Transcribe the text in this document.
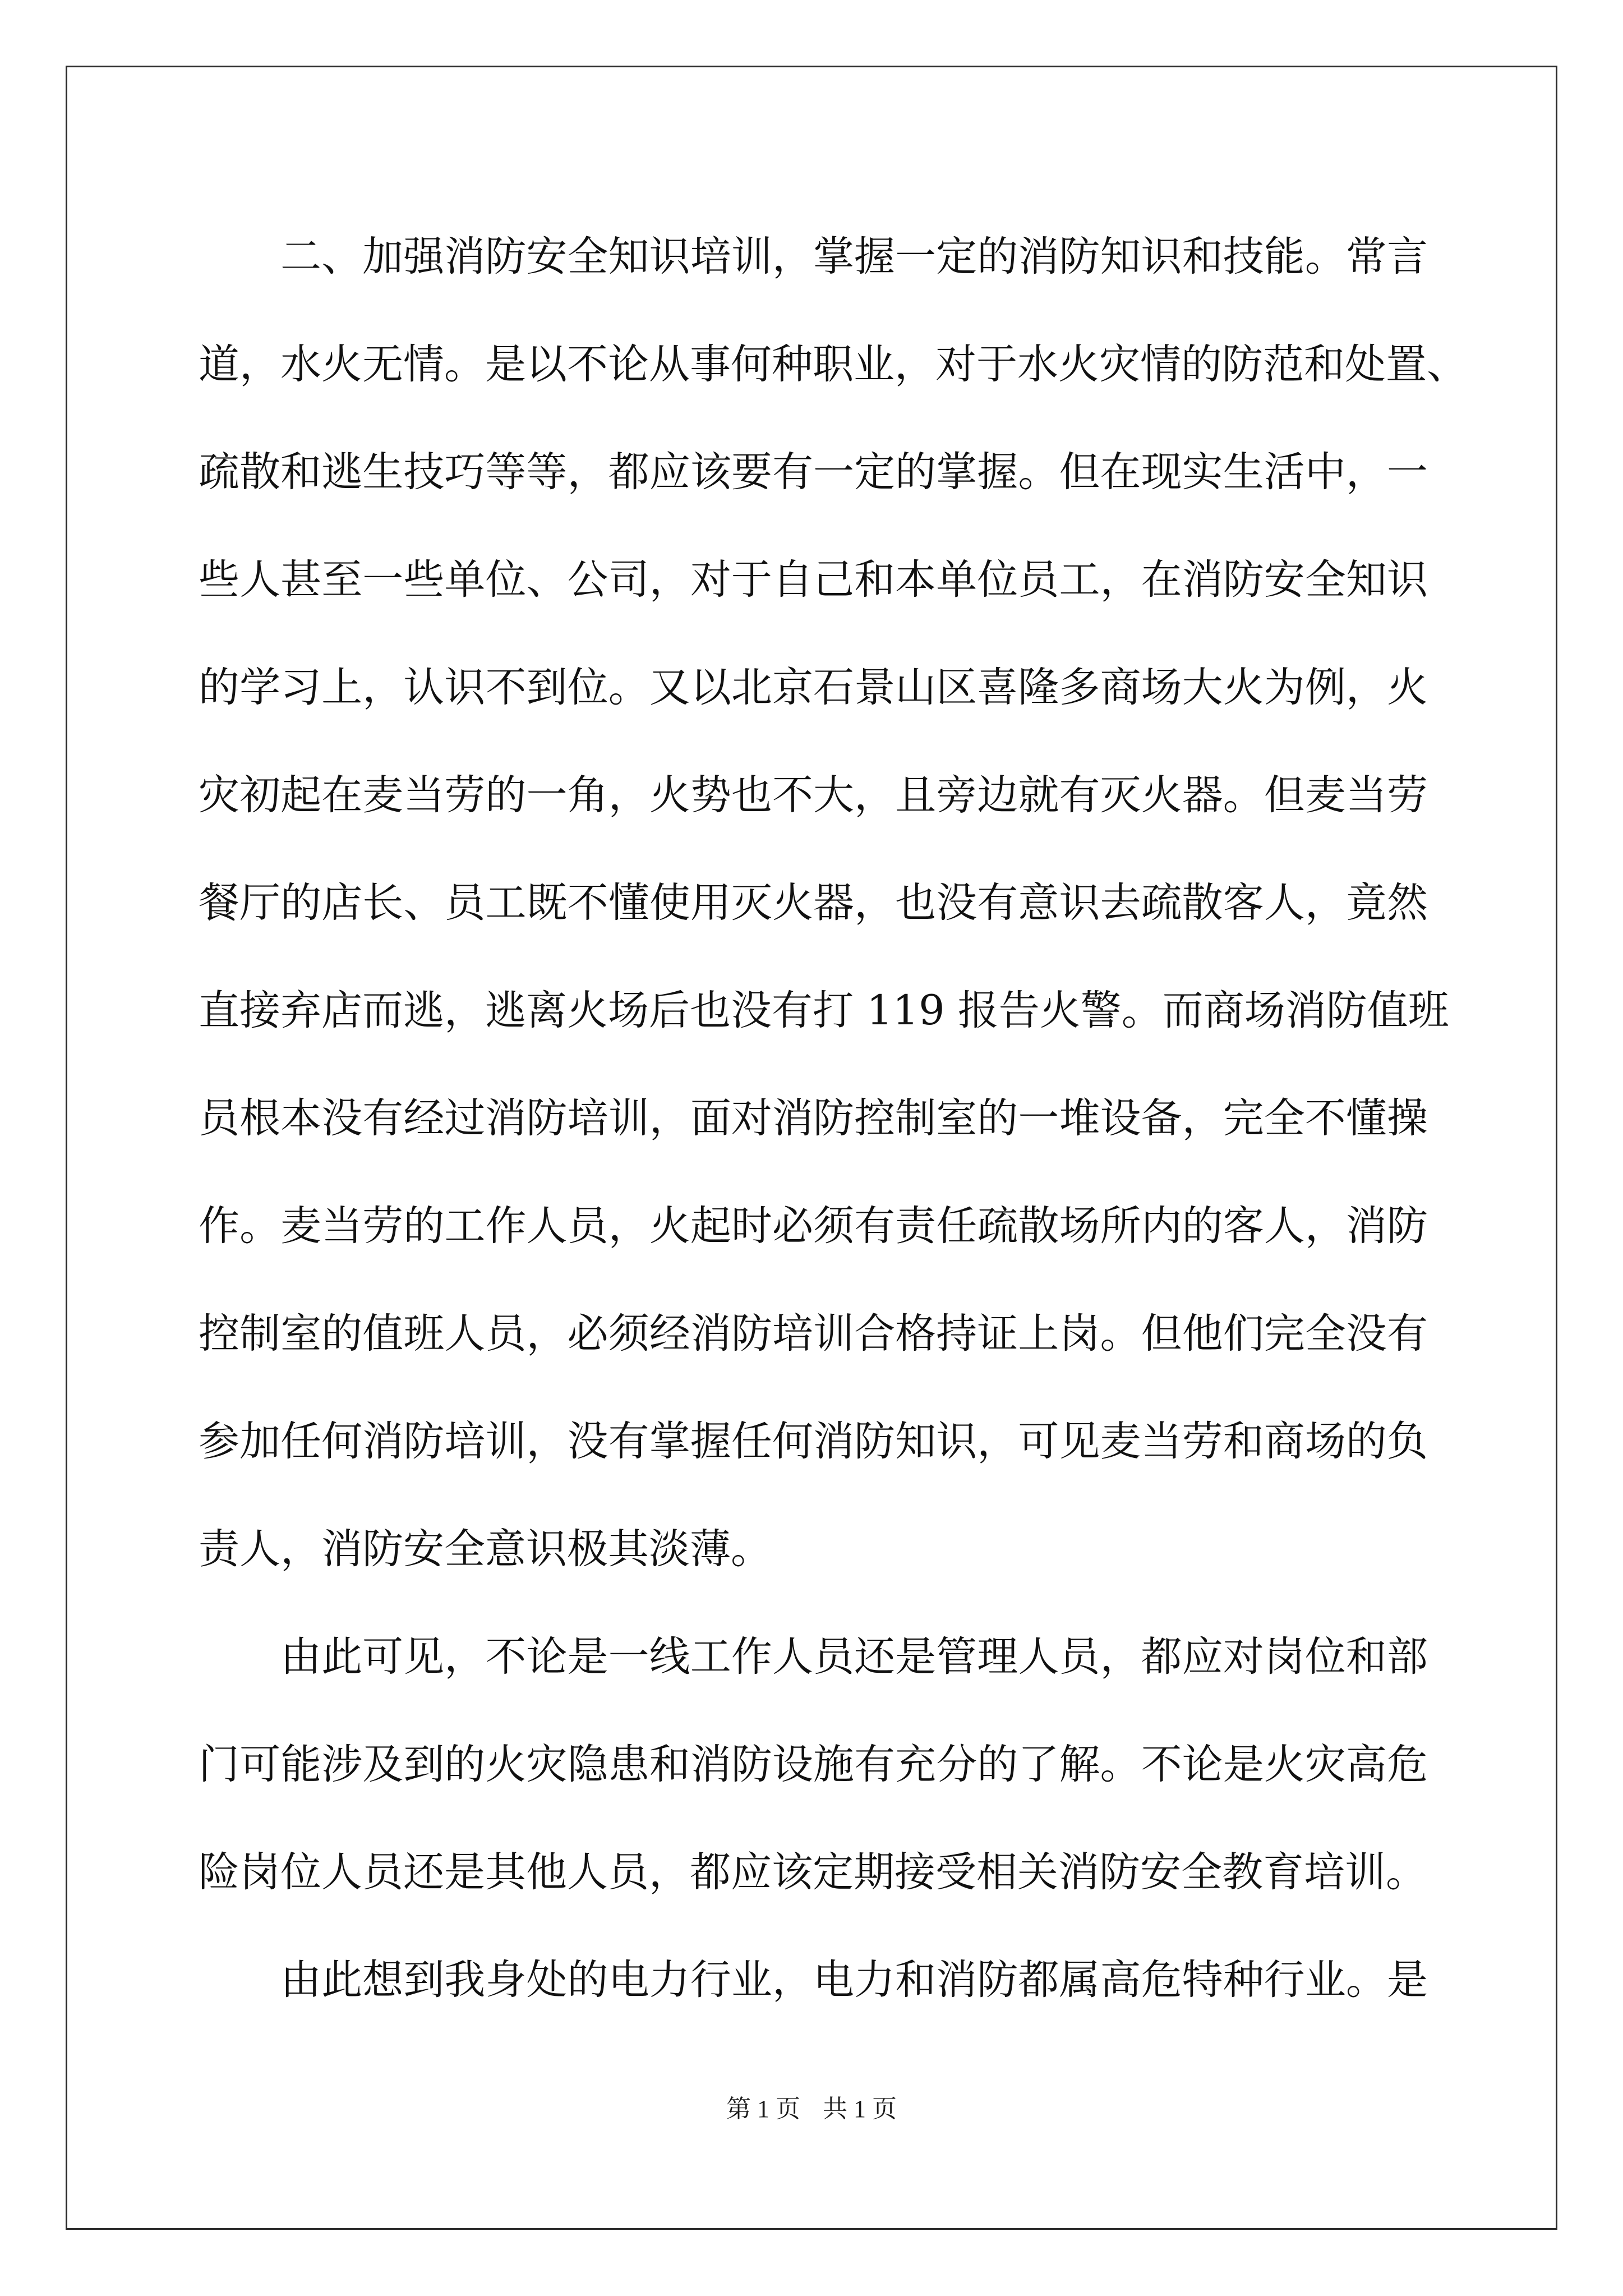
二、加强消防安全知识培训，掌握一定的消防知识和技能。常言
道，水火无情。是以不论从事何种职业，对于水火灾情的防范和处置、
疏散和逃生技巧等等，都应该要有一定的掌握。但在现实生活中，一
些人甚至一些单位、公司，对于自己和本单位员工，在消防安全知识
的学习上，认识不到位。又以北京石景山区喜隆多商场大火为例，火
灾初起在麦当劳的一角，火势也不大，且旁边就有灭火器。但麦当劳
餐厅的店长、员工既不懂使用灭火器，也没有意识去疏散客人，竟然
直接弃店而逃，逃离火场后也没有打 119 报告火警。而商场消防值班
员根本没有经过消防培训，面对消防控制室的一堆设备，完全不懂操
作。麦当劳的工作人员，火起时必须有责任疏散场所内的客人，消防
控制室的值班人员，必须经消防培训合格持证上岗。但他们完全没有
参加任何消防培训，没有掌握任何消防知识，可见麦当劳和商场的负
责人，消防安全意识极其淡薄。
由此可见，不论是一线工作人员还是管理人员，都应对岗位和部
门可能涉及到的火灾隐患和消防设施有充分的了解。不论是火灾高危
险岗位人员还是其他人员，都应该定期接受相关消防安全教育培训。
由此想到我身处的电力行业，电力和消防都属高危特种行业。是
第 1 页 共 1 页
